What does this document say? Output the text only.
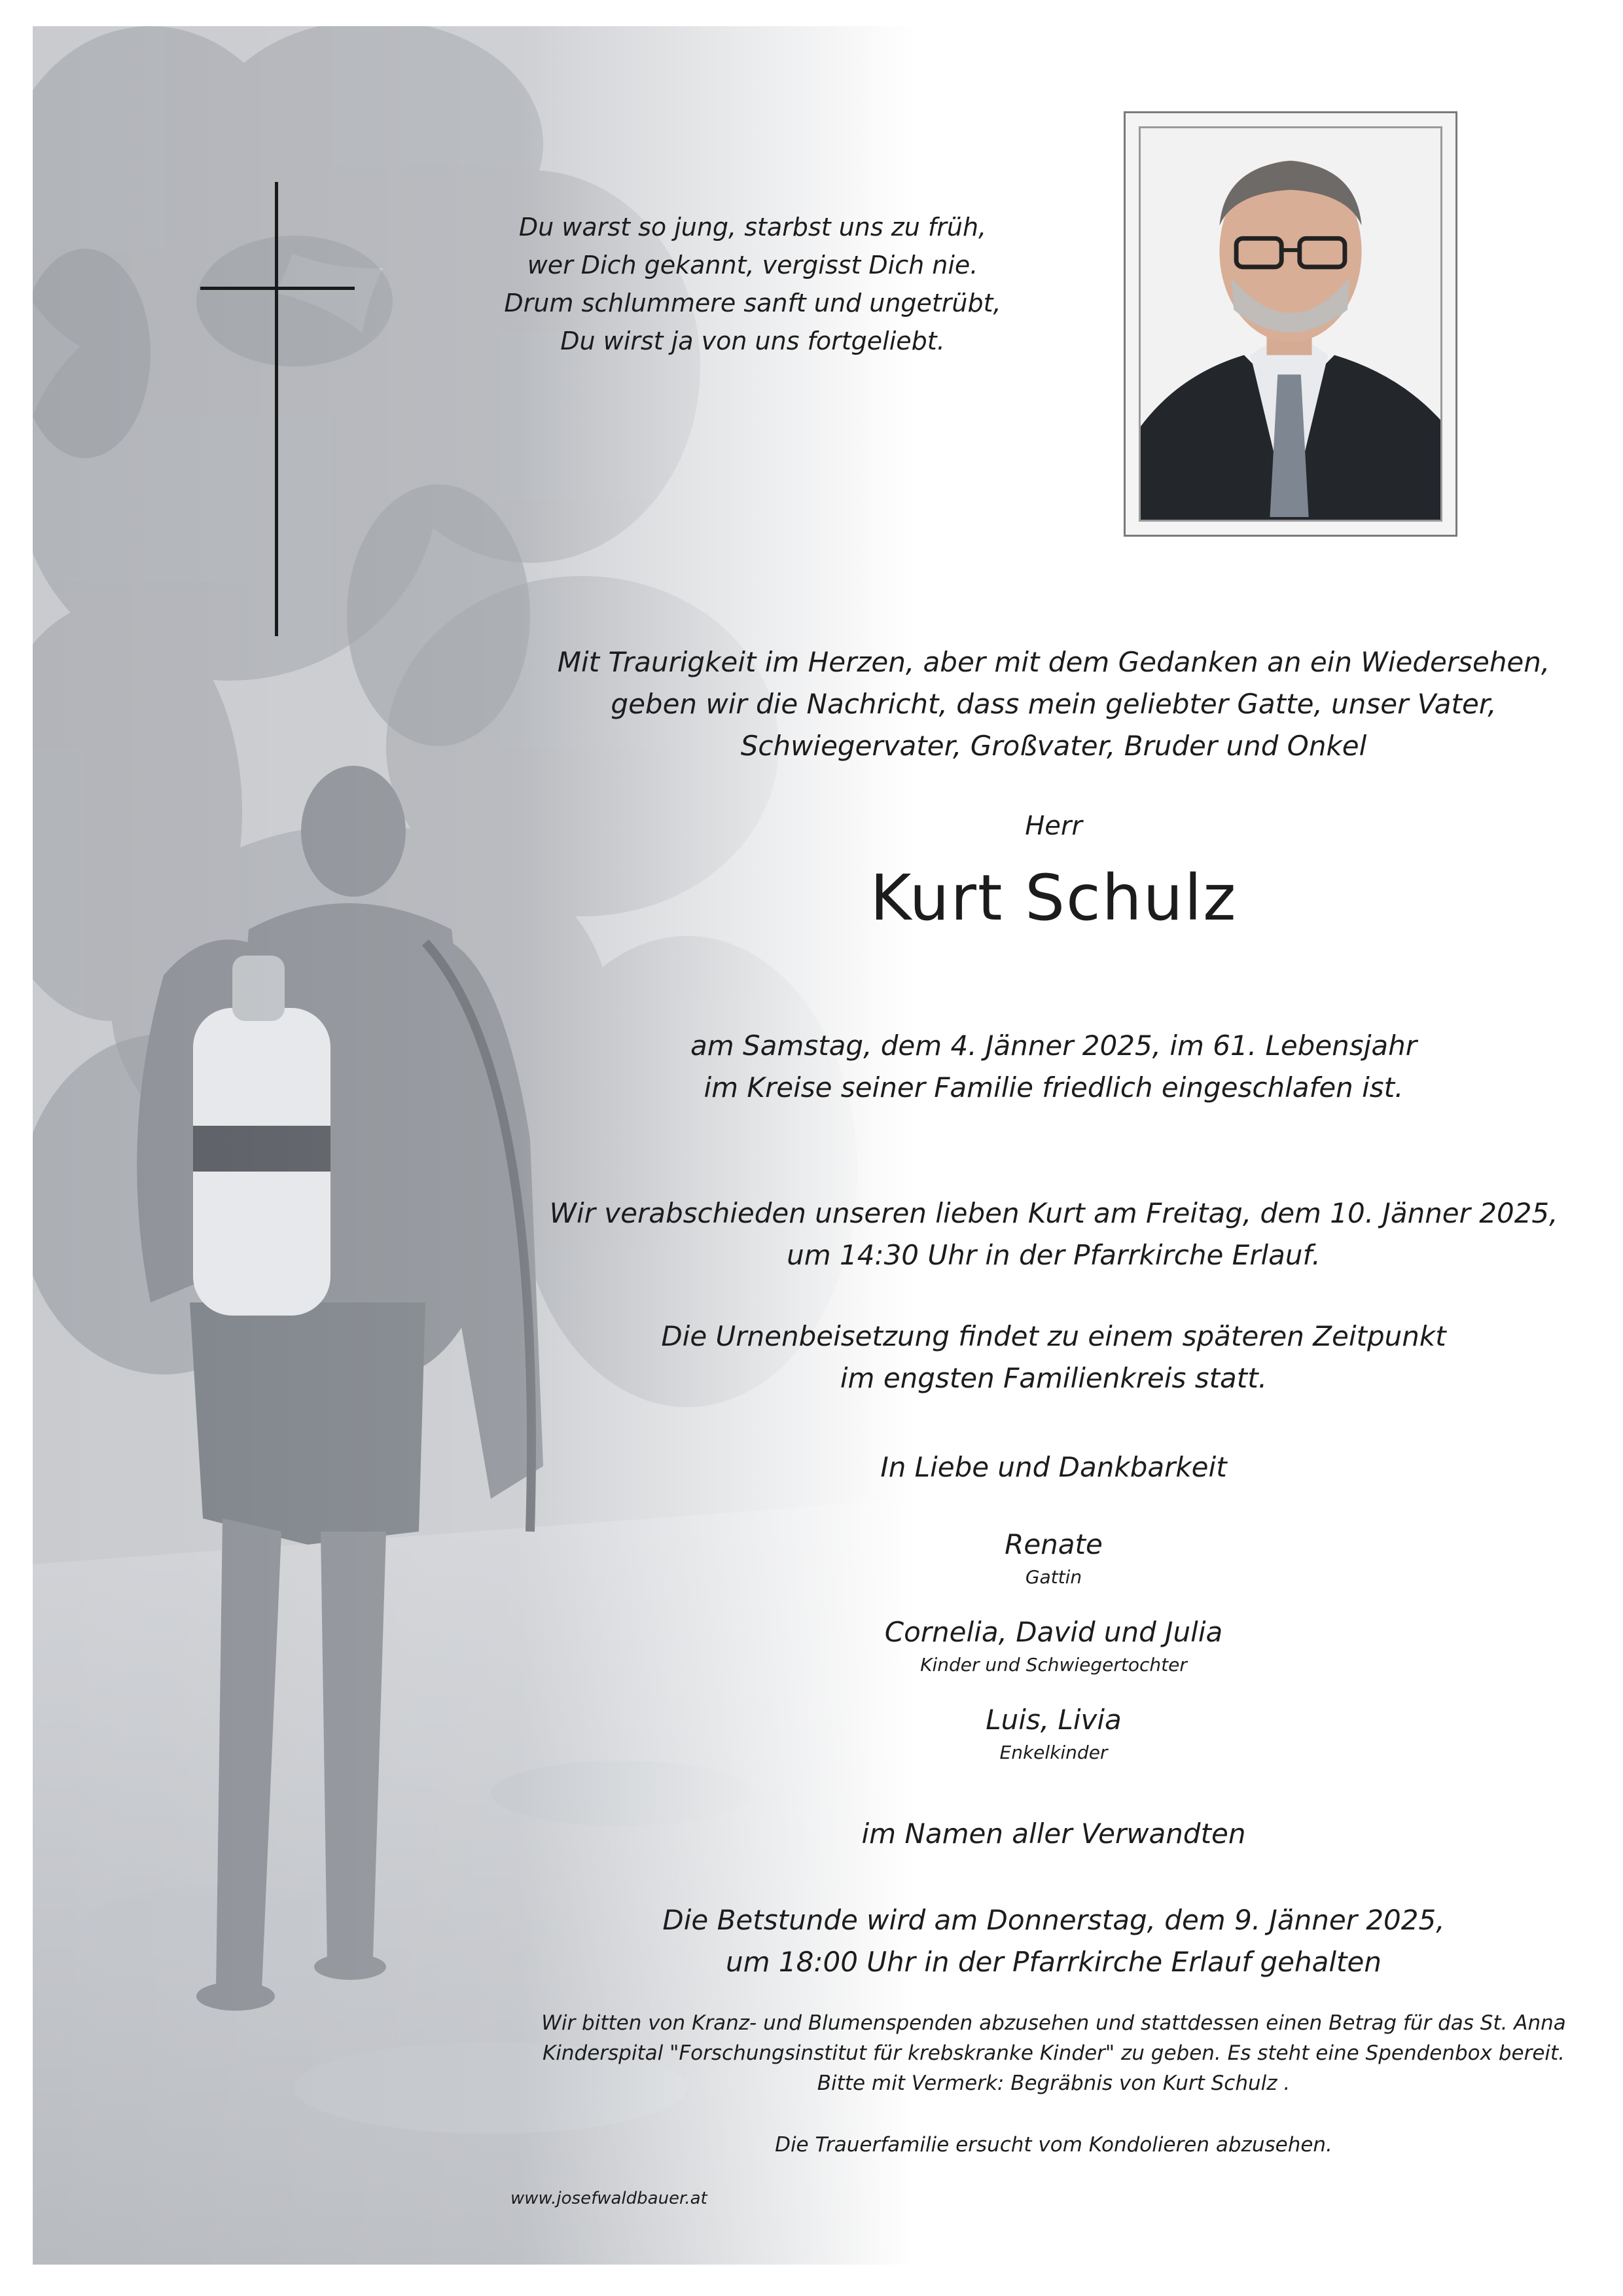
Du warst so jung, starbst uns zu früh,
wer Dich gekannt, vergisst Dich nie.
Drum schlummere sanft und ungetrübt,
Du wirst ja von uns fortgeliebt.
Mit Traurigkeit im Herzen, aber mit dem Gedanken an ein Wiedersehen,
geben wir die Nachricht, dass mein geliebter Gatte, unser Vater,
Schwiegervater, Großvater, Bruder und Onkel
Herr
Kurt Schulz
am Samstag, dem 4. Jänner 2025, im 61. Lebensjahr
im Kreise seiner Familie friedlich eingeschlafen ist.
Wir verabschieden unseren lieben Kurt am Freitag, dem 10. Jänner 2025,
um 14:30 Uhr in der Pfarrkirche Erlauf.
Die Urnenbeisetzung findet zu einem späteren Zeitpunkt
im engsten Familienkreis statt.
In Liebe und Dankbarkeit
Renate
Gattin
Cornelia, David und Julia
Kinder und Schwiegertochter
Luis, Livia
Enkelkinder
im Namen aller Verwandten
Die Betstunde wird am Donnerstag, dem 9. Jänner 2025,
um 18:00 Uhr in der Pfarrkirche Erlauf gehalten
Wir bitten von Kranz- und Blumenspenden abzusehen und stattdessen einen Betrag für das St. Anna
Kinderspital "Forschungsinstitut für krebskranke Kinder" zu geben. Es steht eine Spendenbox bereit.
Bitte mit Vermerk: Begräbnis von Kurt Schulz .
Die Trauerfamilie ersucht vom Kondolieren abzusehen.
www.josefwaldbauer.at
